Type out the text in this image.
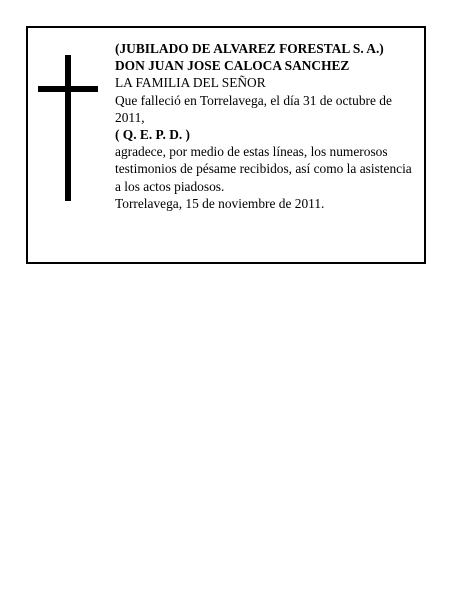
(JUBILADO DE ALVAREZ FORESTAL S. A.)
DON JUAN JOSE CALOCA SANCHEZ
LA FAMILIA DEL SEÑOR
Que falleció en Torrelavega, el día 31 de octubre de 2011,
( Q. E. P. D. )
agradece, por medio de estas líneas, los numerosos testimonios de pésame recibidos, así como la asistencia a los actos piadosos.
Torrelavega, 15 de noviembre de 2011.
